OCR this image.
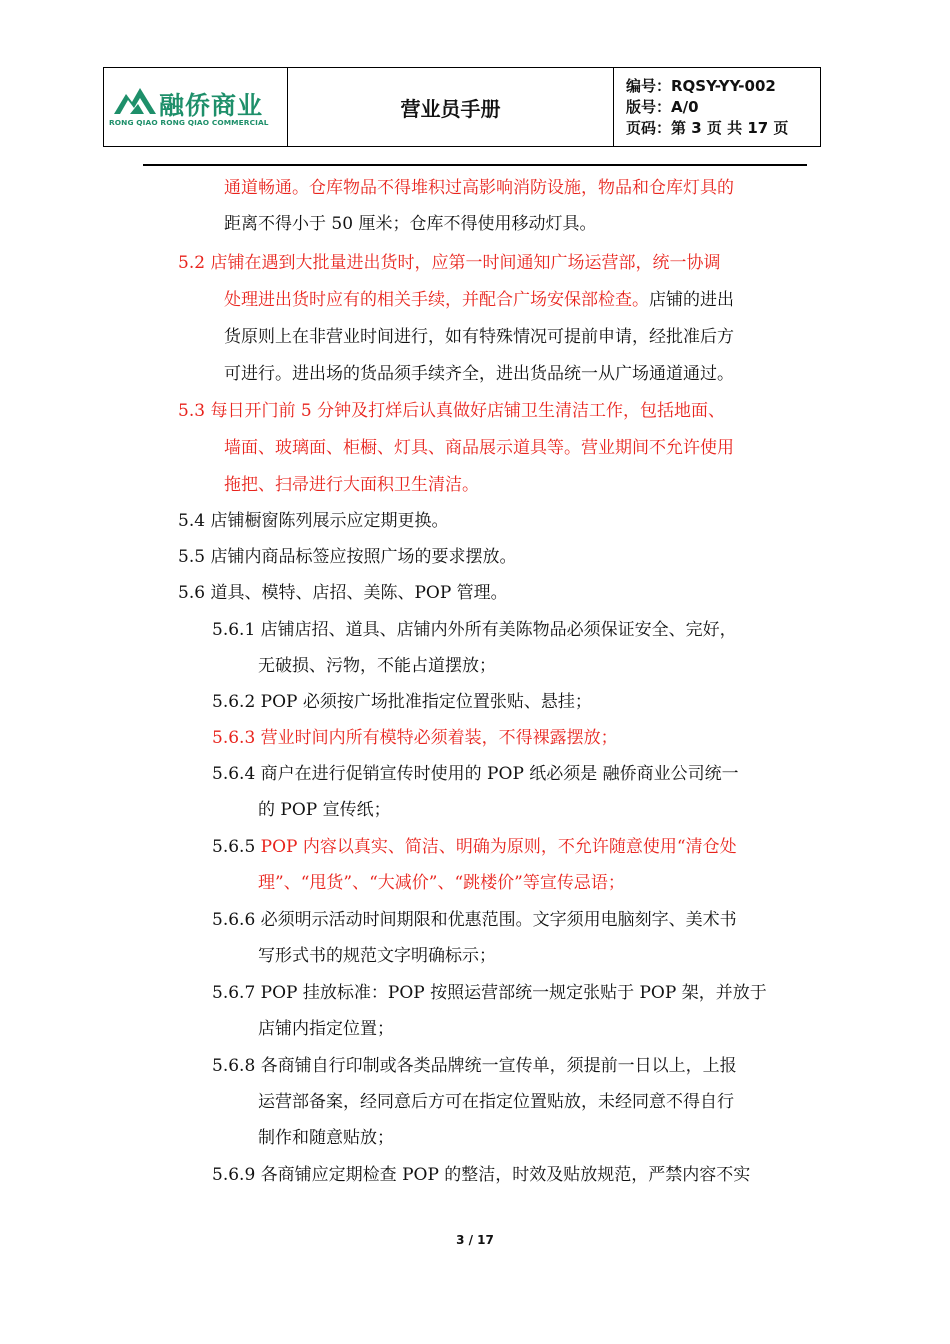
融侨商业
RONG QIAO RONG QIAO COMMERCIAL
营业员手册
编号：RQSY-YY-002
版号：A/0
页码：第 3 页 共 17 页
通道畅通。仓库物品不得堆积过高影响消防设施，物品和仓库灯具的
距离不得小于 50 厘米；仓库不得使用移动灯具。
5.2 店铺在遇到大批量进出货时，应第一时间通知广场运营部，统一协调
处理进出货时应有的相关手续，并配合广场安保部检查。店铺的进出
货原则上在非营业时间进行，如有特殊情况可提前申请，经批准后方
可进行。进出场的货品须手续齐全，进出货品统一从广场通道通过。
5.3 每日开门前 5 分钟及打烊后认真做好店铺卫生清洁工作，包括地面、
墙面、玻璃面、柜橱、灯具、商品展示道具等。营业期间不允许使用
拖把、扫帚进行大面积卫生清洁。
5.4 店铺橱窗陈列展示应定期更换。
5.5 店铺内商品标签应按照广场的要求摆放。
5.6 道具、模特、店招、美陈、POP 管理。
5.6.1 店铺店招、道具、店铺内外所有美陈物品必须保证安全、完好，
无破损、污物，不能占道摆放；
5.6.2 POP 必须按广场批准指定位置张贴、悬挂；
5.6.3 营业时间内所有模特必须着装，不得裸露摆放；
5.6.4 商户在进行促销宣传时使用的 POP 纸必须是 融侨商业公司统一
的 POP 宣传纸；
5.6.5 POP 内容以真实、简洁、明确为原则，不允许随意使用“清仓处
理”、“甩货”、“大减价”、“跳楼价”等宣传忌语；
5.6.6 必须明示活动时间期限和优惠范围。文字须用电脑刻字、美术书
写形式书的规范文字明确标示；
5.6.7 POP 挂放标准：POP 按照运营部统一规定张贴于 POP 架，并放于
店铺内指定位置；
5.6.8 各商铺自行印制或各类品牌统一宣传单，须提前一日以上，上报
运营部备案，经同意后方可在指定位置贴放，未经同意不得自行
制作和随意贴放；
5.6.9 各商铺应定期检查 POP 的整洁，时效及贴放规范，严禁内容不实
3 / 17
